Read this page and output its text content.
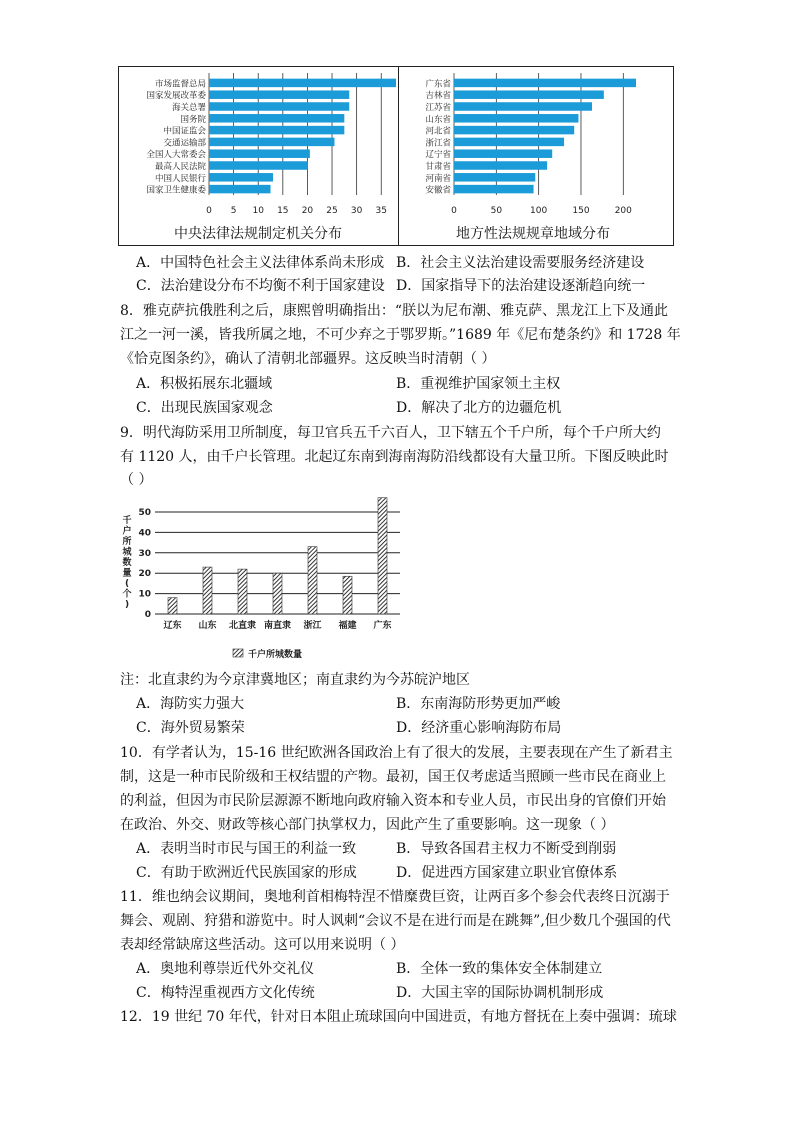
0 5 10 15 20 25 30 35
市场监督总局
国家发展改革委
海关总署
国务院
中国证监会
交通运输部
全国人大常委会
最高人民法院
中国人民银行
国家卫生健康委
0	50	100	150	200
广东省
吉林省
江苏省
山东省
河北省
浙江省
辽宁省
甘肃省
河南省
安徽省
中央法律法规制定机关分布	地方性法规规章地域分布
A．中国特色社会主义法律体系尚未形成 B．社会主义法治建设需要服务经济建设
C．法治建设分布不均衡不利于国家建设 D．国家指导下的法治建设逐渐趋向统一
8．雅克萨抗俄胜利之后，康熙曾明确指出：“朕以为尼布潮、雅克萨、黑龙江上下及通此
江之一河一溪，皆我所属之地，不可少弃之于鄂罗斯。”1689 年《尼布楚条约》和 1728 年
《恰克图条约》，确认了清朝北部疆界。这反映当时清朝（ ）
A．积极拓展东北疆域	B．重视维护国家领土主权
C．出现民族国家观念	D．解决了北方的边疆危机
9．明代海防采用卫所制度，每卫官兵五千六百人，卫下辖五个千户所，每个千户所大约
有 1120 人，由千户长管理。北起辽东南到海南海防沿线都设有大量卫所。下图反映此时
（ ）
0
10
20
30
40
50
千
户
所
城
数
量
(
个
)
辽东 山东 北直隶 南直隶 浙江 福建 广东
千户所城数量
注：北直隶约为今京津冀地区；南直隶约为今苏皖沪地区
A．海防实力强大	B．东南海防形势更加严峻
C．海外贸易繁荣	D．经济重心影响海防布局
10．有学者认为，15-16 世纪欧洲各国政治上有了很大的发展，主要表现在产生了新君主
制，这是一种市民阶级和王权结盟的产物。最初，国王仅考虑适当照顾一些市民在商业上
的利益，但因为市民阶层源源不断地向政府输入资本和专业人员，市民出身的官僚们开始
在政治、外交、财政等核心部门执掌权力，因此产生了重要影响。这一现象（ ）
A．表明当时市民与国王的利益一致	B．导致各国君主权力不断受到削弱
C．有助于欧洲近代民族国家的形成	D．促进西方国家建立职业官僚体系
11．维也纳会议期间，奥地利首相梅特涅不惜糜费巨资，让两百多个参会代表终日沉溺于
舞会、观剧、狩猎和游览中。时人讽刺“会议不是在进行而是在跳舞”,但少数几个强国的代
表却经常缺席这些活动。这可以用来说明（ ）
A．奥地利尊崇近代外交礼仪	B．全体一致的集体安全体制建立
C．梅特涅重视西方文化传统	D．大国主宰的国际协调机制形成
12．19 世纪 70 年代，针对日本阻止琉球国向中国进贡，有地方督抚在上奏中强调：琉球
